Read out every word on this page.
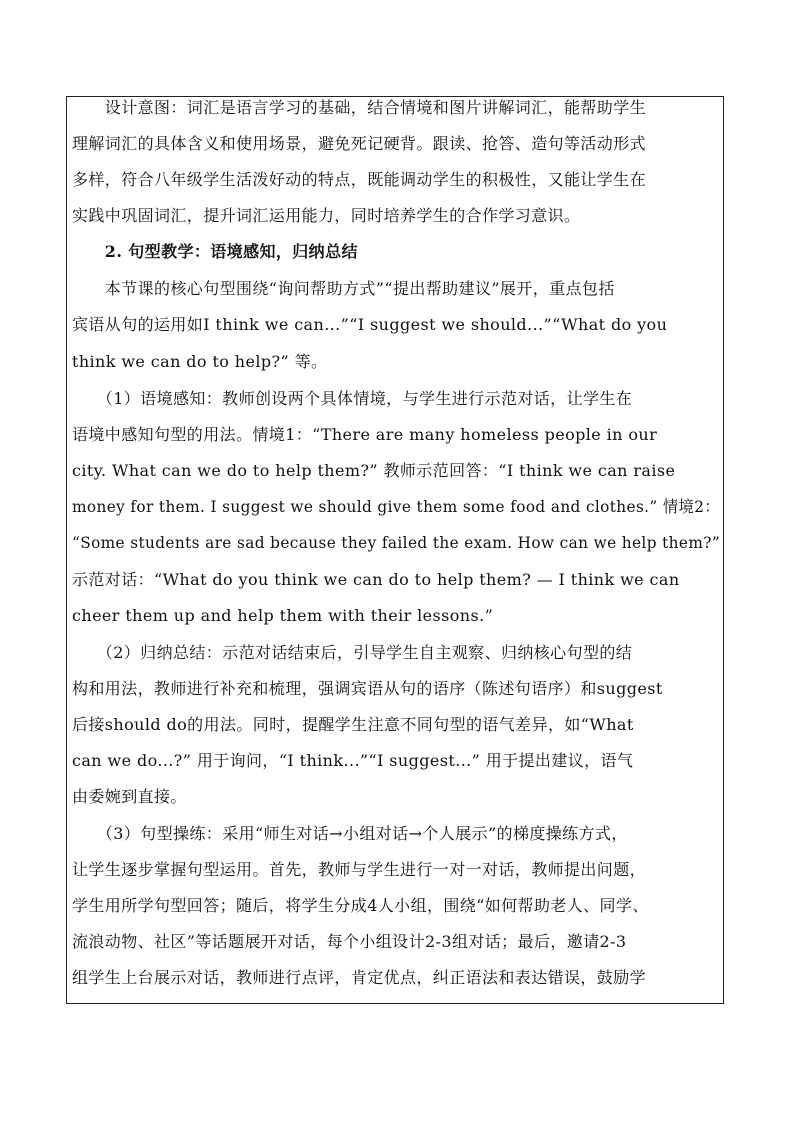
　　设计意图：词汇是语言学习的基础，结合情境和图片讲解词汇，能帮助学生
理解词汇的具体含义和使用场景，避免死记硬背。跟读、抢答、造句等活动形式
多样，符合八年级学生活泼好动的特点，既能调动学生的积极性，又能让学生在
实践中巩固词汇，提升词汇运用能力，同时培养学生的合作学习意识。
　　2. 句型教学：语境感知，归纳总结
　　本节课的核心句型围绕“询问帮助方式”“提出帮助建议”展开，重点包括
宾语从句的运用如I think we can...”“I suggest we should...”“What do you
think we can do to help?” 等。
　　（1）语境感知：教师创设两个具体情境，与学生进行示范对话，让学生在
语境中感知句型的用法。情境1：“There are many homeless people in our
city. What can we do to help them?” 教师示范回答：“I think we can raise
money for them. I suggest we should give them some food and clothes.” 情境2：
“Some students are sad because they failed the exam. How can we help them?”
示范对话：“What do you think we can do to help them? — I think we can
cheer them up and help them with their lessons.”
　　（2）归纳总结：示范对话结束后，引导学生自主观察、归纳核心句型的结
构和用法，教师进行补充和梳理，强调宾语从句的语序（陈述句语序）和suggest
后接should do的用法。同时，提醒学生注意不同句型的语气差异，如“What
can we do...?” 用于询问，“I think...”“I suggest...” 用于提出建议，语气
由委婉到直接。
　　（3）句型操练：采用“师生对话→小组对话→个人展示”的梯度操练方式，
让学生逐步掌握句型运用。首先，教师与学生进行一对一对话，教师提出问题，
学生用所学句型回答；随后，将学生分成4人小组，围绕“如何帮助老人、同学、
流浪动物、社区”等话题展开对话，每个小组设计2-3组对话；最后，邀请2-3
组学生上台展示对话，教师进行点评，肯定优点，纠正语法和表达错误，鼓励学
